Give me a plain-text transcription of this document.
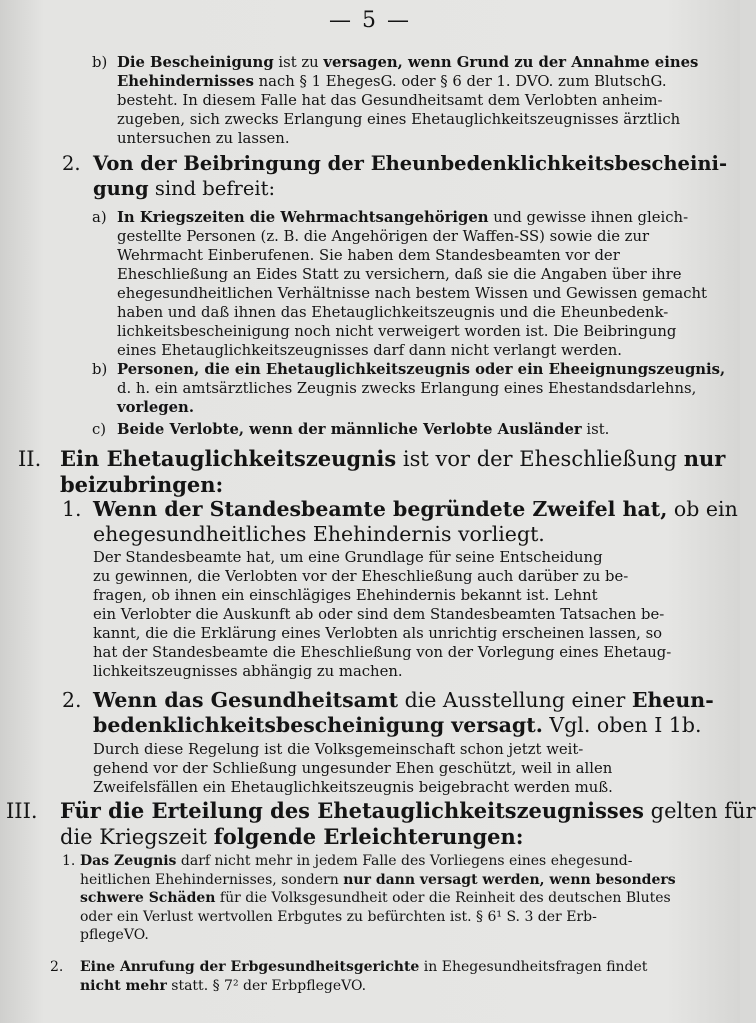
— 5 —
b) Die Bescheinigung ist zu versagen, wenn Grund zu der Annahme eines
Ehehindernisses nach § 1 EhegesG. oder § 6 der 1. DVO. zum BlutschG.
besteht. In diesem Falle hat das Gesundheitsamt dem Verlobten anheim-
zugeben, sich zwecks Erlangung eines Ehetauglichkeitszeugnisses ärztlich
untersuchen zu lassen.
2. Von der Beibringung der Eheunbedenklichkeitsbescheini-
gung sind befreit:
a) In Kriegszeiten die Wehrmachtsangehörigen und gewisse ihnen gleich-
gestellte Personen (z. B. die Angehörigen der Waffen-SS) sowie die zur
Wehrmacht Einberufenen. Sie haben dem Standesbeamten vor der
Eheschließung an Eides Statt zu versichern, daß sie die Angaben über ihre
ehegesundheitlichen Verhältnisse nach bestem Wissen und Gewissen gemacht
haben und daß ihnen das Ehetauglichkeitszeugnis und die Eheunbedenk-
lichkeitsbescheinigung noch nicht verweigert worden ist. Die Beibringung
eines Ehetauglichkeitszeugnisses darf dann nicht verlangt werden.
b) Personen, die ein Ehetauglichkeitszeugnis oder ein Eheeignungszeugnis,
d. h. ein amtsärztliches Zeugnis zwecks Erlangung eines Ehestandsdarlehns,
vorlegen.
c) Beide Verlobte, wenn der männliche Verlobte Ausländer ist.
II. Ein Ehetauglichkeitszeugnis ist vor der Eheschließung nur
beizubringen:
1. Wenn der Standesbeamte begründete Zweifel hat, ob ein
ehegesundheitliches Ehehindernis vorliegt.
Der Standesbeamte hat, um eine Grundlage für seine Entscheidung
zu gewinnen, die Verlobten vor der Eheschließung auch darüber zu be-
fragen, ob ihnen ein einschlägiges Ehehindernis bekannt ist. Lehnt
ein Verlobter die Auskunft ab oder sind dem Standesbeamten Tatsachen be-
kannt, die die Erklärung eines Verlobten als unrichtig erscheinen lassen, so
hat der Standesbeamte die Eheschließung von der Vorlegung eines Ehetaug-
lichkeitszeugnisses abhängig zu machen.
2. Wenn das Gesundheitsamt die Ausstellung einer Eheun-
bedenklichkeitsbescheinigung versagt. Vgl. oben I 1b.
Durch diese Regelung ist die Volksgemeinschaft schon jetzt weit-
gehend vor der Schließung ungesunder Ehen geschützt, weil in allen
Zweifelsfällen ein Ehetauglichkeitszeugnis beigebracht werden muß.
III. Für die Erteilung des Ehetauglichkeitszeugnisses gelten für
die Kriegszeit folgende Erleichterungen:
1. Das Zeugnis darf nicht mehr in jedem Falle des Vorliegens eines ehegesund-
heitlichen Ehehindernisses, sondern nur dann versagt werden, wenn besonders
schwere Schäden für die Volksgesundheit oder die Reinheit des deutschen Blutes
oder ein Verlust wertvollen Erbgutes zu befürchten ist. § 6¹ S. 3 der Erb-
pflegeVO.
2. Eine Anrufung der Erbgesundheitsgerichte in Ehegesundheitsfragen findet
nicht mehr statt. § 7² der ErbpflegeVO.
